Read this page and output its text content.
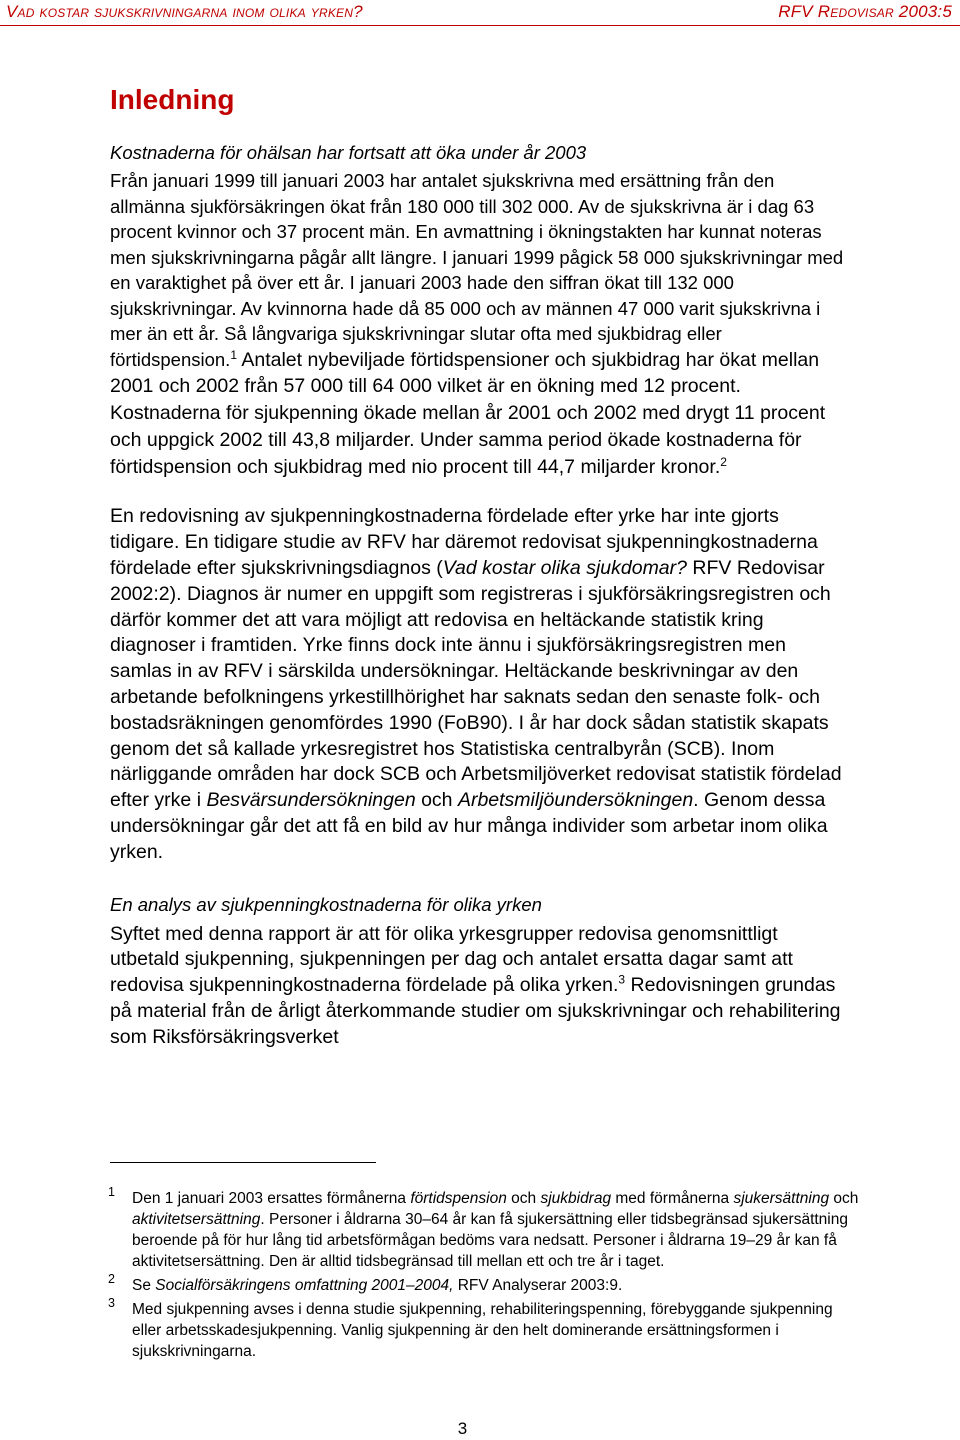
Vad kostar sjukskrivningarna inom olika yrken?	RFV Redovisar 2003:5
Inledning

Kostnaderna för ohälsan har fortsatt att öka under år 2003

Från januari 1999 till januari 2003 har antalet sjukskrivna med ersättning från den allmänna sjukförsäkringen ökat från 180 000 till 302 000. Av de sjukskrivna är i dag 63 procent kvinnor och 37 procent män. En avmattning i ökningstakten har kunnat noteras men sjukskrivningarna pågår allt längre. I januari 1999 pågick 58 000 sjukskrivningar med en varaktighet på över ett år. I januari 2003 hade den siffran ökat till 132 000 sjukskrivningar. Av kvinnorna hade då 85 000 och av männen 47 000 varit sjukskrivna i mer än ett år. Så långvariga sjukskrivningar slutar ofta med sjukbidrag eller förtidspension.$^1$ Antalet nybeviljade förtidspensioner och sjukbidrag har ökat mellan 2001 och 2002 från 57 000 till 64 000 vilket är en ökning med 12 procent. Kostnaderna för sjukpenning ökade mellan år 2001 och 2002 med drygt 11 procent och uppgick 2002 till 43,8 miljarder. Under samma period ökade kostnaderna för förtidspension och sjukbidrag med nio procent till 44,7 miljarder kronor.$^2$

En redovisning av sjukpenningkostnaderna fördelade efter yrke har inte gjorts tidigare. En tidigare studie av RFV har däremot redovisat sjukpenningkostnaderna fördelade efter sjukskrivningsdiagnos (Vad kostar olika sjukdomar? RFV Redovisar 2002:2). Diagnos är numer en uppgift som registreras i sjukförsäkringsregistren och därför kommer det att vara möjligt att redovisa en heltäckande statistik kring diagnoser i framtiden. Yrke finns dock inte ännu i sjukförsäkringsregistren men samlas in av RFV i särskilda undersökningar. Heltäckande beskrivningar av den arbetande befolkningens yrkestillhörighet har saknats sedan den senaste folk- och bostadsräkningen genomfördes 1990 (FoB90). I år har dock sådan statistik skapats genom det så kallade yrkesregistret hos Statistiska centralbyrån (SCB). Inom närliggande områden har dock SCB och Arbetsmiljöverket redovisat statistik fördelad efter yrke i Besvärsundersökningen och Arbetsmiljöundersökningen. Genom dessa undersökningar går det att få en bild av hur många individer som arbetar inom olika yrken.

En analys av sjukpenningkostnaderna för olika yrken

Syftet med denna rapport är att för olika yrkesgrupper redovisa genomsnittligt utbetald sjukpenning, sjukpenningen per dag och antalet ersatta dagar samt att redovisa sjukpenningkostnaderna fördelade på olika yrken.$^3$ Redovisningen grundas på material från de årligt återkommande studier om sjukskrivningar och rehabilitering som Riksförsäkringsverket

1 Den 1 januari 2003 ersattes förmånerna förtidspension och sjukbidrag med förmånerna sjukersättning och aktivitetsersättning. Personer i åldrarna 30–64 år kan få sjukersättning eller tidsbegränsad sjukersättning beroende på för hur lång tid arbetsförmågan bedöms vara nedsatt. Personer i åldrarna 19–29 år kan få aktivitetsersättning. Den är alltid tidsbegränsad till mellan ett och tre år i taget.
2 Se Socialförsäkringens omfattning 2001–2004, RFV Analyserar 2003:9.
3 Med sjukpenning avses i denna studie sjukpenning, rehabiliteringspenning, förebyggande sjukpenning eller arbetsskadesjukpenning. Vanlig sjukpenning är den helt dominerande ersättningsformen i sjukskrivningarna.
3
